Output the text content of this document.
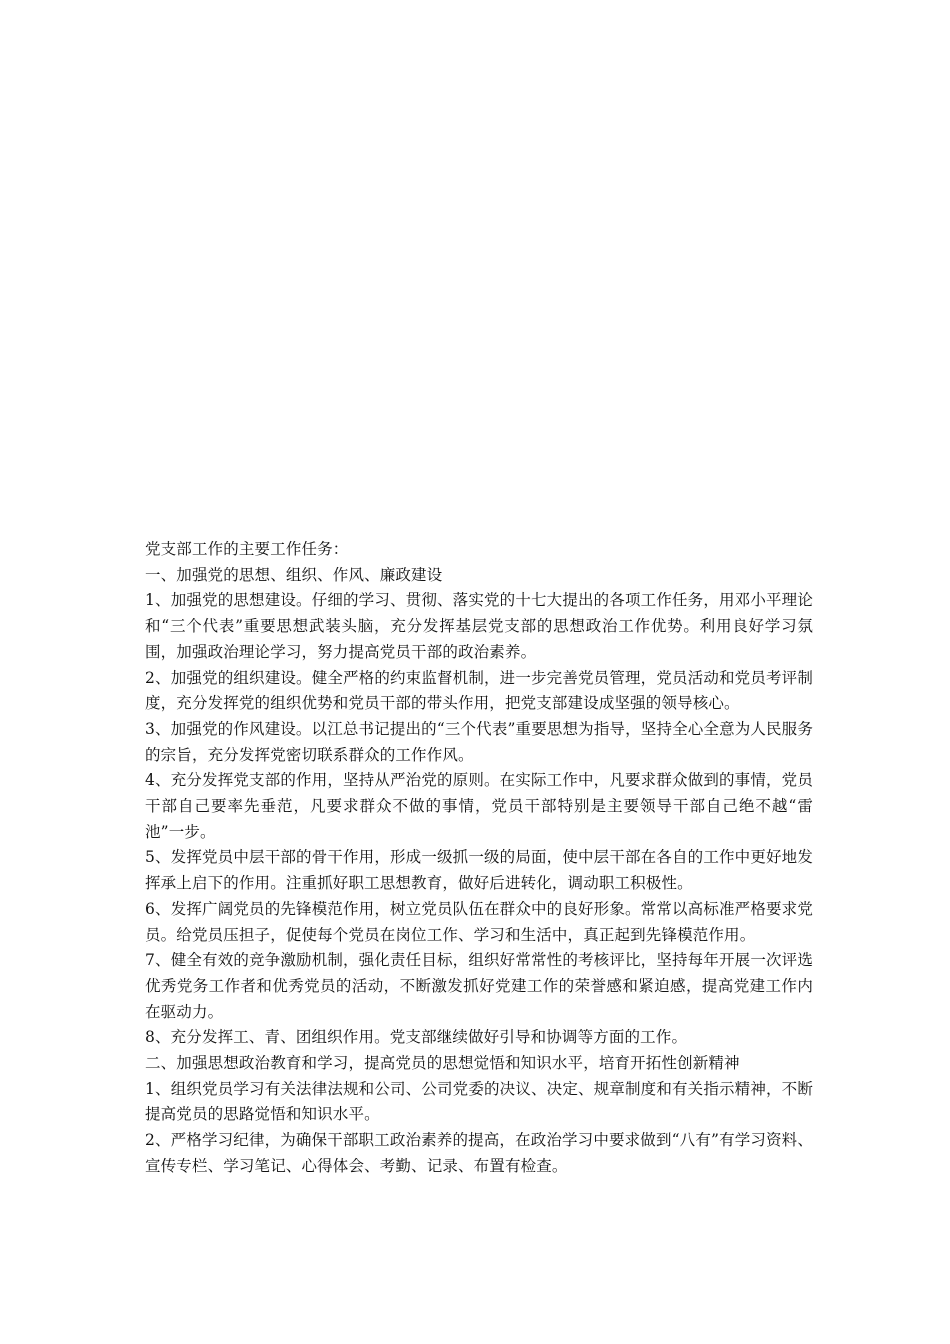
党支部工作的主要工作任务：

一、加强党的思想、组织、作风、廉政建设

1、加强党的思想建设。仔细的学习、贯彻、落实党的十七大提出的各项工作任务，用邓小平理论和“三个代表”重要思想武装头脑，充分发挥基层党支部的思想政治工作优势。利用良好学习氛围，加强政治理论学习，努力提高党员干部的政治素养。

2、加强党的组织建设。健全严格的约束监督机制，进一步完善党员管理，党员活动和党员考评制度，充分发挥党的组织优势和党员干部的带头作用，把党支部建设成坚强的领导核心。

3、加强党的作风建设。以江总书记提出的“三个代表”重要思想为指导，坚持全心全意为人民服务的宗旨，充分发挥党密切联系群众的工作作风。

4、充分发挥党支部的作用，坚持从严治党的原则。在实际工作中，凡要求群众做到的事情，党员干部自己要率先垂范，凡要求群众不做的事情，党员干部特别是主要领导干部自己绝不越“雷池”一步。

5、发挥党员中层干部的骨干作用，形成一级抓一级的局面，使中层干部在各自的工作中更好地发挥承上启下的作用。注重抓好职工思想教育，做好后进转化，调动职工积极性。

6、发挥广阔党员的先锋模范作用，树立党员队伍在群众中的良好形象。常常以高标准严格要求党员。给党员压担子，促使每个党员在岗位工作、学习和生活中，真正起到先锋模范作用。

7、健全有效的竞争激励机制，强化责任目标，组织好常常性的考核评比，坚持每年开展一次评选优秀党务工作者和优秀党员的活动，不断激发抓好党建工作的荣誉感和紧迫感，提高党建工作内在驱动力。

8、充分发挥工、青、团组织作用。党支部继续做好引导和协调等方面的工作。

二、加强思想政治教育和学习，提高党员的思想觉悟和知识水平，培育开拓性创新精神

1、组织党员学习有关法律法规和公司、公司党委的决议、决定、规章制度和有关指示精神，不断提高党员的思路觉悟和知识水平。

2、严格学习纪律，为确保干部职工政治素养的提高，在政治学习中要求做到“八有”有学习资料、宣传专栏、学习笔记、心得体会、考勤、记录、布置有检查。
